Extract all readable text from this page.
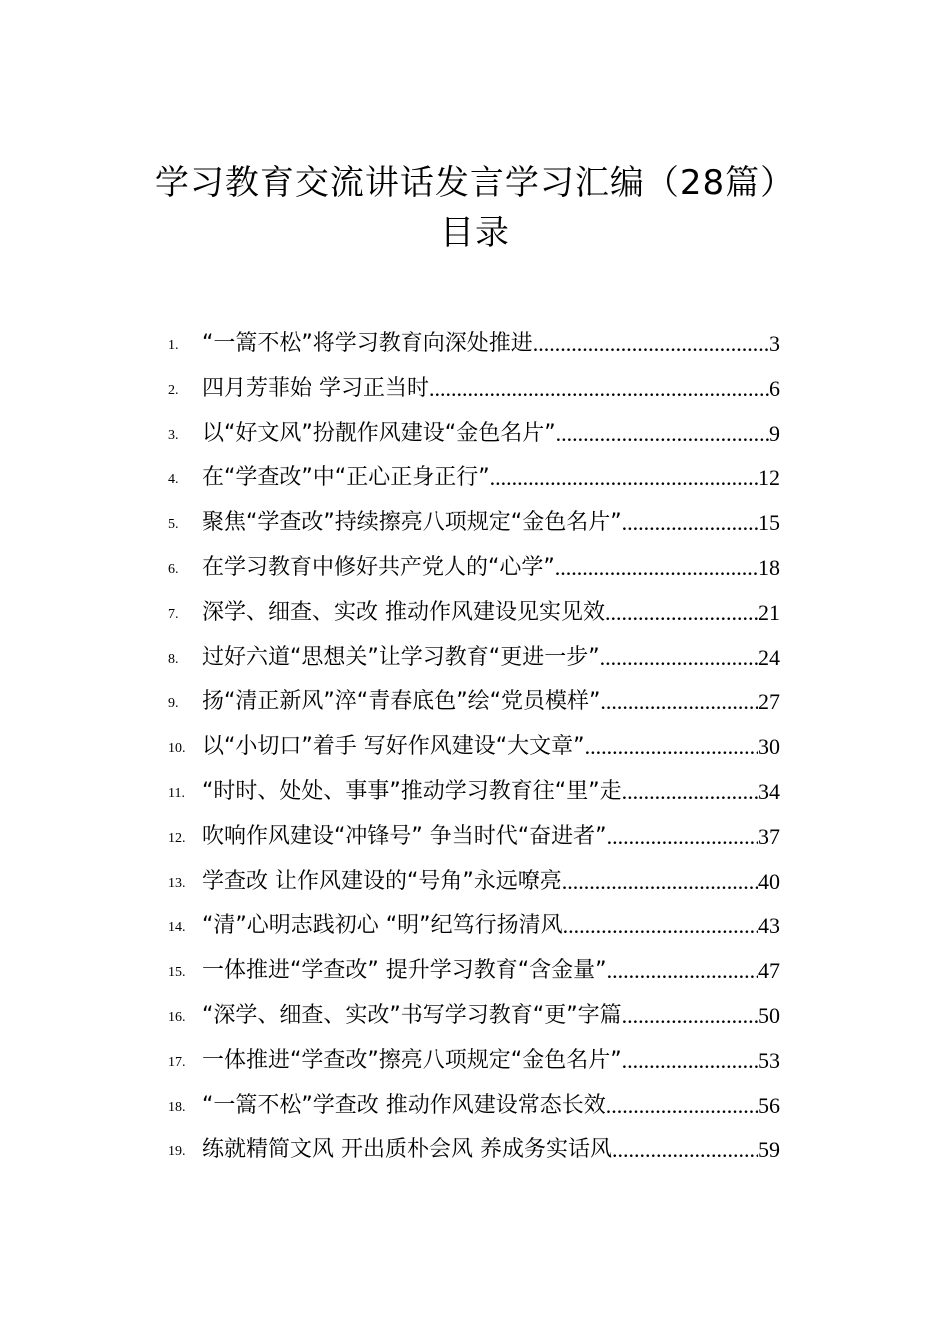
学习教育交流讲话发言学习汇编（28篇）
目录
1.	“一篙不松”将学习教育向深处推进 .....	3
2.	四月芳菲始 学习正当时 .....	6
3.	以“好文风”扮靓作风建设“金色名片” .....	9
4.	在“学查改”中“正心正身正行” .....	12
5.	聚焦“学查改”持续擦亮八项规定“金色名片” .....	15
6.	在学习教育中修好共产党人的“心学” .....	18
7.	深学、细查、实改 推动作风建设见实见效 .....	21
8.	过好六道“思想关”让学习教育“更进一步” .....	24
9.	扬“清正新风”淬“青春底色”绘“党员模样” .....	27
10. 以“小切口”着手 写好作风建设“大文章” .....	30
11. “时时、处处、事事”推动学习教育往“里”走 .....	34
12. 吹响作风建设“冲锋号” 争当时代“奋进者” .....	37
13. 学查改 让作风建设的“号角”永远嘹亮 .....	40
14. “清”心明志践初心 “明”纪笃行扬清风 .....	43
15. 一体推进“学查改” 提升学习教育“含金量” .....	47
16. “深学、细查、实改”书写学习教育“更”字篇 .....	50
17. 一体推进“学查改”擦亮八项规定“金色名片” .....	53
18. “一篙不松”学查改 推动作风建设常态长效 .....	56
19. 练就精简文风 开出质朴会风 养成务实话风 .....	59
